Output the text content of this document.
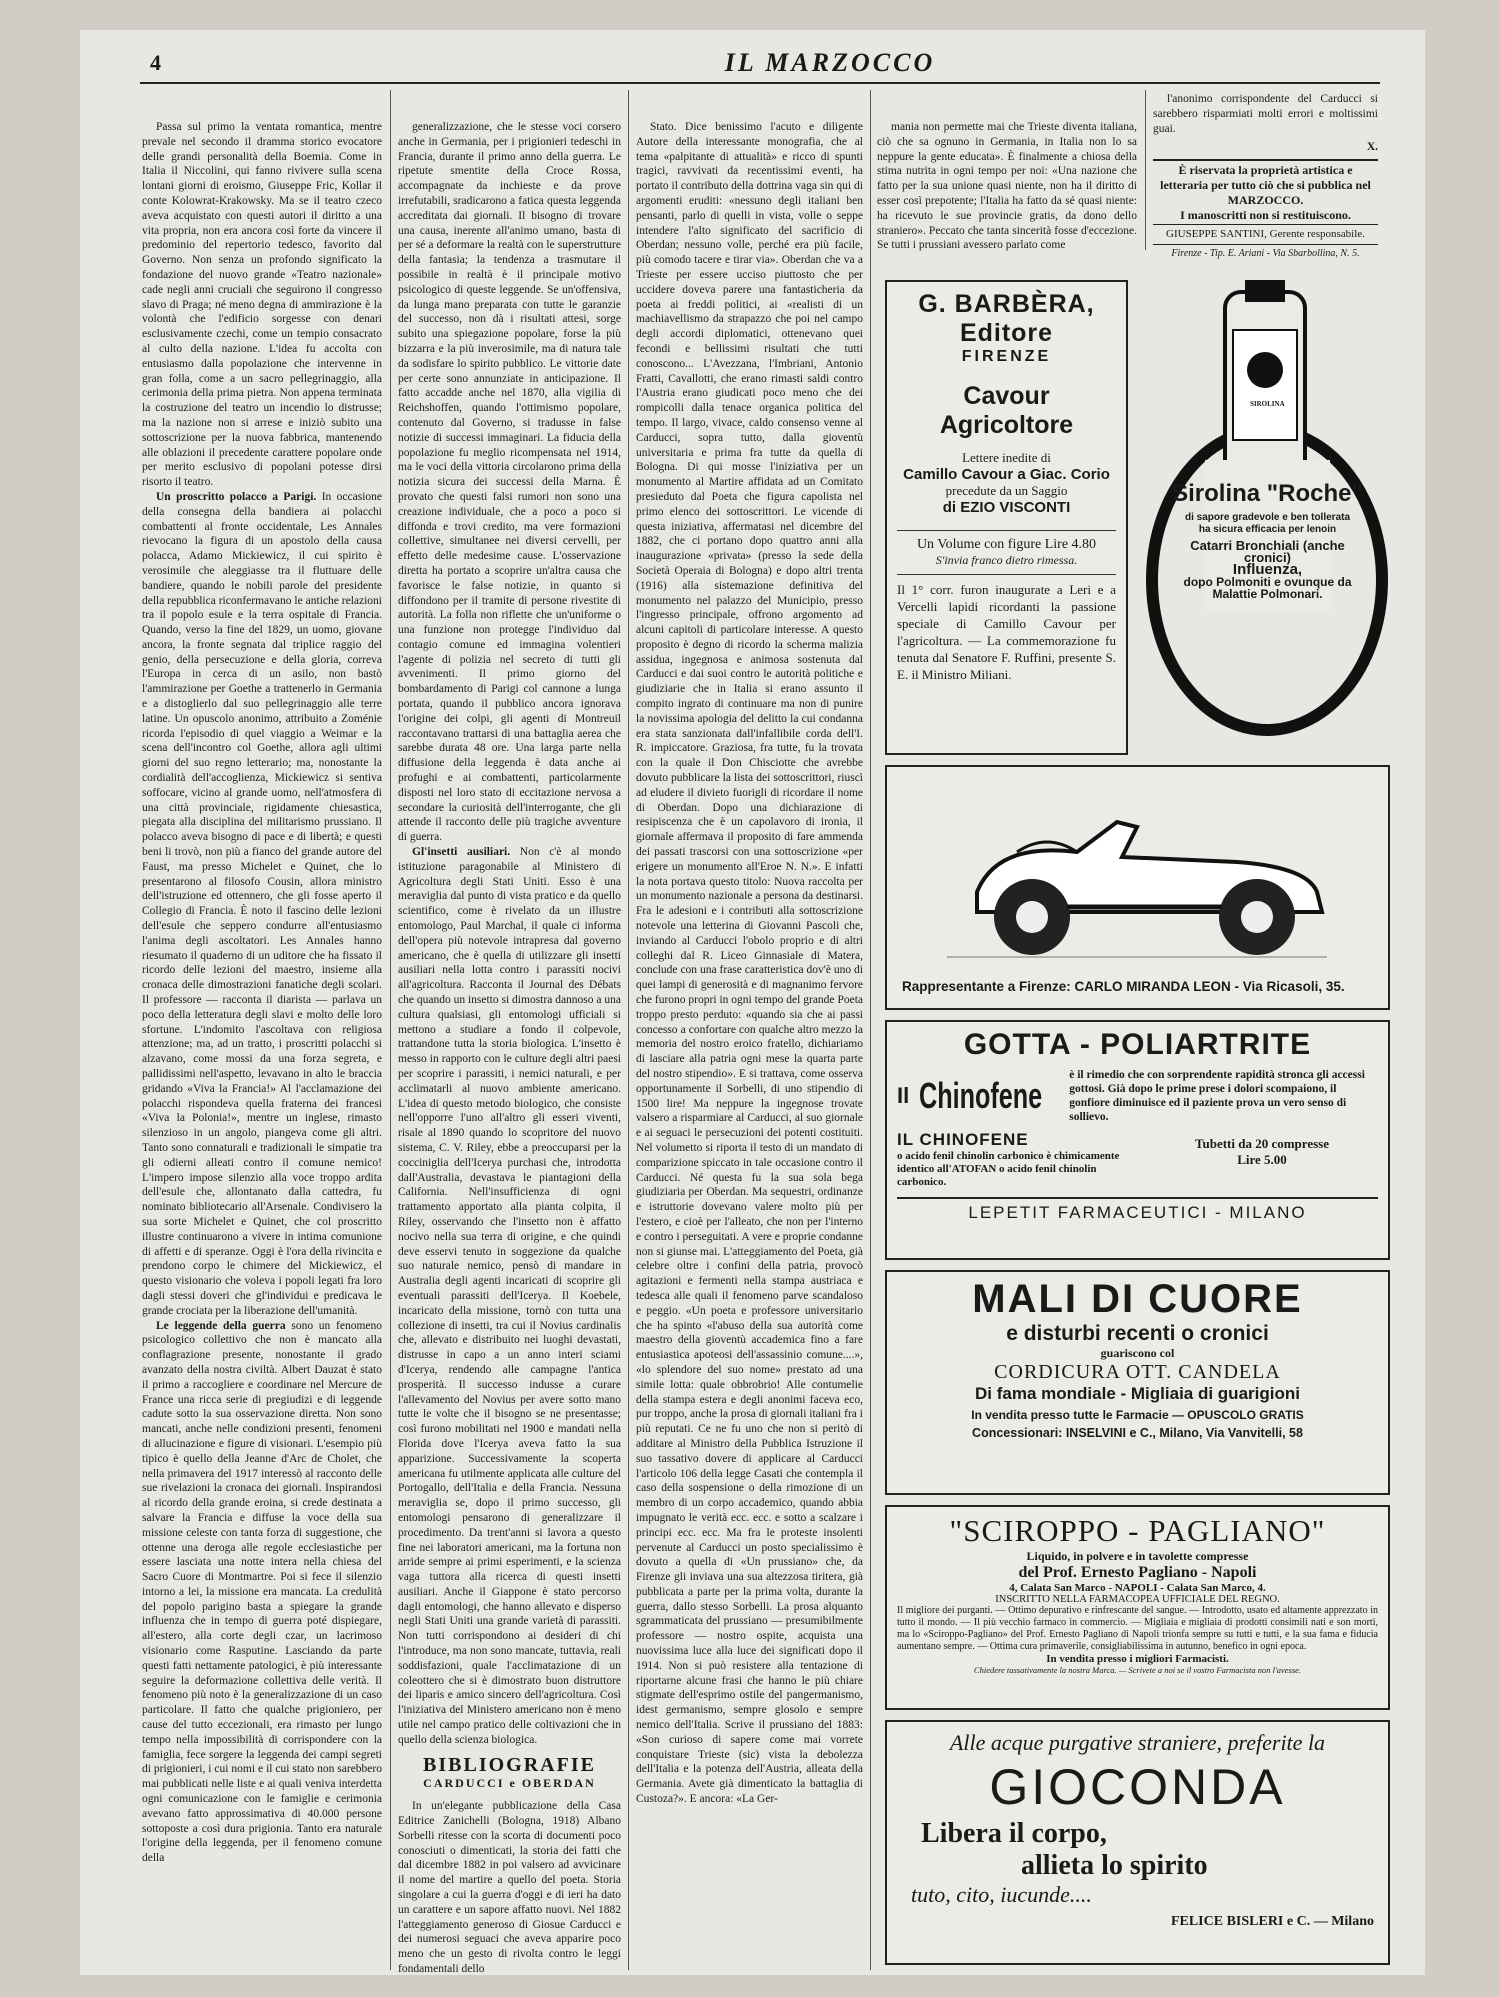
4	IL MARZOCCO

Passa sul primo la ventata romantica, mentre prevale nel secondo il dramma storico evocatore delle grandi personalità della Boemia. Come in Italia il Niccolini, qui fanno rivivere sulla scena lontani giorni di eroismo, Giuseppe Fric, Kollar il conte Kolowrat-Krakowsky. Ma se il teatro czeco aveva acquistato con questi autori il diritto a una vita propria, non era ancora così forte da vincere il predominio del repertorio tedesco, favorito dal Governo. Non senza un profondo significato la fondazione del nuovo grande «Teatro nazionale» cade negli anni cruciali che seguirono il congresso slavo di Praga; né meno degna di ammirazione è la volontà che l'edificio sorgesse con denari esclusivamente czechi, come un tempio consacrato al culto della nazione. L'idea fu accolta con entusiasmo dalla popolazione che intervenne in gran folla, come a un sacro pellegrinaggio, alla cerimonia della prima pietra. Non appena terminata la costruzione del teatro un incendio lo distrusse; ma la nazione non si arrese e iniziò subito una sottoscrizione per la nuova fabbrica, mantenendo alle oblazioni il precedente carattere popolare onde per merito esclusivo di popolani potesse dirsi risorto il teatro.

Un proscritto polacco a Parigi. In occasione della consegna della bandiera ai polacchi combattenti al fronte occidentale, Les Annales rievocano la figura di un apostolo della causa polacca, Adamo Mickiewicz, il cui spirito è verosimile che aleggiasse tra il fluttuare delle bandiere, quando le nobili parole del presidente della repubblica riconfermavano le antiche relazioni tra il popolo esule e la terra ospitale di Francia. Quando, verso la fine del 1829, un uomo, giovane ancora, la fronte segnata dal triplice raggio del genio, della persecuzione e della gloria, correva l'Europa in cerca di un asilo, non bastò l'ammirazione per Goethe a trattenerlo in Germania e a distoglierlo dal suo pellegrinaggio alle terre latine. Un opuscolo anonimo, attribuito a Zoménie ricorda l'episodio di quel viaggio a Weimar e la scena dell'incontro col Goethe, allora agli ultimi giorni del suo regno letterario; ma, nonostante la cordialità dell'accoglienza, Mickiewicz si sentiva soffocare, vicino al grande uomo, nell'atmosfera di una città provinciale, rigidamente chiesastica, piegata alla disciplina del militarismo prussiano. Il polacco aveva bisogno di pace e di libertà; e questi beni li trovò, non più a fianco del grande autore del Faust, ma presso Michelet e Quinet, che lo presentarono al filosofo Cousin, allora ministro dell'istruzione ed ottennero, che gli fosse aperto il Collegio di Francia. È noto il fascino delle lezioni dell'esule che seppero condurre all'entusiasmo l'anima degli ascoltatori. Les Annales hanno riesumato il quaderno di un uditore che ha fissato il ricordo delle lezioni del maestro, insieme alla cronaca delle dimostrazioni fanatiche degli scolari. Il professore — racconta il diarista — parlava un poco della letteratura degli slavi e molto delle loro sfortune. L'indomito l'ascoltava con religiosa attenzione; ma, ad un tratto, i proscritti polacchi si alzavano, come mossi da una forza segreta, e pallidissimi nell'aspetto, levavano in alto le braccia gridando «Viva la Francia!» Al l'acclamazione dei polacchi rispondeva quella fraterna dei francesi «Viva la Polonia!», mentre un inglese, rimasto silenzioso in un angolo, piangeva come gli altri. Tanto sono connaturali e tradizionali le simpatie tra gli odierni alleati contro il comune nemico! L'impero impose silenzio alla voce troppo ardita dell'esule che, allontanato dalla cattedra, fu nominato bibliotecario all'Arsenale. Condivisero la sua sorte Michelet e Quinet, che col proscritto illustre continuarono a vivere in intima comunione di affetti e di speranze. Oggi è l'ora della rivincita e prendono corpo le chimere del Mickiewicz, el questo visionario che voleva i popoli legati fra loro dagli stessi doveri che gl'individui e predicava le grande crociata per la liberazione dell'umanità.

Le leggende della guerra sono un fenomeno psicologico collettivo che non è mancato alla conflagrazione presente, nonostante il grado avanzato della nostra civiltà. Albert Dauzat è stato il primo a raccogliere e coordinare nel Mercure de France una ricca serie di pregiudizi e di leggende cadute sotto la sua osservazione diretta. Non sono mancati, anche nelle condizioni presenti, fenomeni di allucinazione e figure di visionari. L'esempio più tipico è quello della Jeanne d'Arc de Cholet, che nella primavera del 1917 interessò al racconto delle sue rivelazioni la cronaca dei giornali. Inspirandosi al ricordo della grande eroina, si crede destinata a salvare la Francia e diffuse la voce della sua missione celeste con tanta forza di suggestione, che ottenne una deroga alle regole ecclesiastiche per essere lasciata una notte intera nella chiesa del Sacro Cuore di Montmartre. Poi si fece il silenzio intorno a lei, la missione era mancata. La credulità del popolo parigino basta a spiegare la grande influenza che in tempo di guerra poté dispiegare, all'estero, alla corte degli czar, un lacrimoso visionario come Rasputine. Lasciando da parte questi fatti nettamente patologici, è più interessante seguire la deformazione collettiva delle verità. Il fenomeno più noto è la generalizzazione di un caso particolare. Il fatto che qualche prigioniero, per cause del tutto eccezionali, era rimasto per lungo tempo nella impossibilità di corrispondere con la famiglia, fece sorgere la leggenda dei campi segreti di prigionieri, i cui nomi e il cui stato non sarebbero mai pubblicati nelle liste e ai quali veniva interdetta ogni comunicazione con le famiglie e cerimonia avevano fatto approssimativa di 40.000 persone sottoposte a così dura prigionia. Tanto era naturale l'origine della leggenda, per il fenomeno comune della

generalizzazione, che le stesse voci corsero anche in Germania, per i prigionieri tedeschi in Francia, durante il primo anno della guerra. Le ripetute smentite della Croce Rossa, accompagnate da inchieste e da prove irrefutabili, sradicarono a fatica questa leggenda accreditata dai giornali. Il bisogno di trovare una causa, inerente all'animo umano, basta di per sé a deformare la realtà con le superstrutture della fantasia; la tendenza a trasmutare il possibile in realtà è il principale motivo psicologico di queste leggende. Se un'offensiva, da lunga mano preparata con tutte le garanzie del successo, non dà i risultati attesi, sorge subito una spiegazione popolare, forse la più bizzarra e la più inverosimile, ma di natura tale da sodisfare lo spirito pubblico. Le vittorie date per certe sono annunziate in anticipazione. Il fatto accadde anche nel 1870, alla vigilia di Reichshoffen, quando l'ottimismo popolare, contenuto dal Governo, si tradusse in false notizie di successi immaginari. La fiducia della popolazione fu meglio ricompensata nel 1914, ma le voci della vittoria circolarono prima della notizia sicura dei successi della Marna. È provato che questi falsi rumori non sono una creazione individuale, che a poco a poco si diffonda e trovi credito, ma vere formazioni collettive, simultanee nei diversi cervelli, per effetto delle medesime cause. L'osservazione diretta ha portato a scoprire un'altra causa che favorisce le false notizie, in quanto si diffondono per il tramite di persone rivestite di autorità. La folla non riflette che un'uniforme o una funzione non protegge l'individuo dal contagio comune ed immagina volentieri l'agente di polizia nel secreto di tutti gli avvenimenti. Il primo giorno del bombardamento di Parigi col cannone a lunga portata, quando il pubblico ancora ignorava l'origine dei colpi, gli agenti di Montreuil raccontavano trattarsi di una battaglia aerea che sarebbe durata 48 ore. Una larga parte nella diffusione della leggenda è data anche ai profughi e ai combattenti, particolarmente disposti nel loro stato di eccitazione nervosa a secondare la curiosità dell'interrogante, che gli attende il racconto delle più tragiche avventure di guerra.

Gl'insetti ausiliari. Non c'è al mondo istituzione paragonabile al Ministero di Agricoltura degli Stati Uniti. Esso è una meraviglia dal punto di vista pratico e da quello scientifico, come è rivelato da un illustre entomologo, Paul Marchal, il quale ci informa dell'opera più notevole intrapresa dal governo americano, che è quella di utilizzare gli insetti ausiliari nella lotta contro i parassiti nocivi all'agricoltura. Racconta il Journal des Débats che quando un insetto si dimostra dannoso a una cultura qualsiasi, gli entomologi ufficiali si mettono a studiare a fondo il colpevole, trattandone tutta la storia biologica. L'insetto è messo in rapporto con le culture degli altri paesi per scoprire i parassiti, i nemici naturali, e per acclimatarli al nuovo ambiente americano. L'idea di questo metodo biologico, che consiste nell'opporre l'uno all'altro gli esseri viventi, risale al 1890 quando lo scopritore del nuovo sistema, C. V. Riley, ebbe a preoccuparsi per la cocciniglia dell'Icerya purchasi che, introdotta dall'Australia, devastava le piantagioni della California. Nell'insufficienza di ogni trattamento apportato alla pianta colpita, il Riley, osservando che l'insetto non è affatto nocivo nella sua terra di origine, e che quindi deve esservi tenuto in soggezione da qualche suo naturale nemico, pensò di mandare in Australia degli agenti incaricati di scoprire gli eventuali parassiti dell'Icerya. Il Koebele, incaricato della missione, tornò con tutta una collezione di insetti, tra cui il Novius cardinalis che, allevato e distribuito nei luoghi devastati, distrusse in capo a un anno interi sciami d'Icerya, rendendo alle campagne l'antica prosperità. Il successo indusse a curare l'allevamento del Novius per avere sotto mano tutte le volte che il bisogno se ne presentasse; così furono mobilitati nel 1900 e mandati nella Florida dove l'Icerya aveva fatto la sua apparizione. Successivamente la scoperta americana fu utilmente applicata alle culture del Portogallo, dell'Italia e della Francia. Nessuna meraviglia se, dopo il primo successo, gli entomologi pensarono di generalizzare il procedimento. Da trent'anni si lavora a questo fine nei laboratori americani, ma la fortuna non arride sempre ai primi esperimenti, e la scienza vaga tuttora alla ricerca di questi insetti ausiliari. Anche il Giappone è stato percorso dagli entomologi, che hanno allevato e disperso negli Stati Uniti una grande varietà di parassiti. Non tutti corrispondono ai desideri di chi l'introduce, ma non sono mancate, tuttavia, reali soddisfazioni, quale l'acclimatazione di un coleottero che si è dimostrato buon distruttore dei liparis e amico sincero dell'agricoltura. Così l'iniziativa del Ministero americano non è meno utile nel campo pratico delle coltivazioni che in quello della scienza biologica.

BIBLIOGRAFIE
CARDUCCI e OBERDAN

In un'elegante pubblicazione della Casa Editrice Zanichelli (Bologna, 1918) Albano Sorbelli ritesse con la scorta di documenti poco conosciuti o dimenticati, la storia dei fatti che dal dicembre 1882 in poi valsero ad avvicinare il nome del martire a quello del poeta. Storia singolare a cui la guerra d'oggi e di ieri ha dato un carattere e un sapore affatto nuovi. Nel 1882 l'atteggiamento generoso di Giosue Carducci e dei numerosi seguaci che aveva apparire poco meno che un gesto di rivolta contro le leggi fondamentali dello

Stato. Dice benissimo l'acuto e diligente Autore della interessante monografia, che al tema «palpitante di attualità» e ricco di spunti tragici, ravvivati da recentissimi eventi, ha portato il contributo della dottrina vaga sin qui di argomenti eruditi: «nessuno degli italiani ben pensanti, parlo di quelli in vista, volle o seppe intendere l'alto significato del sacrificio di Oberdan; nessuno volle, perché era più facile, più comodo tacere e tirar via». Oberdan che va a Trieste per essere ucciso piuttosto che per uccidere doveva parere una fantasticheria da poeta ai freddi politici, ai «realisti di un machiavellismo da strapazzo che poi nel campo degli accordi diplomatici, ottenevano quei fecondi e bellissimi risultati che tutti conoscono... L'Avezzana, l'Imbriani, Antonio Fratti, Cavallotti, che erano rimasti saldi contro l'Austria erano giudicati poco meno che dei rompicolli dalla tenace organica politica del tempo. Il largo, vivace, caldo consenso venne al Carducci, sopra tutto, dalla gioventù universitaria e prima fra tutte da quella di Bologna. Di qui mosse l'iniziativa per un monumento al Martire affidata ad un Comitato presieduto dal Poeta che figura capolista nel primo elenco dei sottoscrittori. Le vicende di questa iniziativa, affermatasi nel dicembre del 1882, che ci portano dopo quattro anni alla inaugurazione «privata» (presso la sede della Società Operaia di Bologna) e dopo altri trenta (1916) alla sistemazione definitiva del monumento nel palazzo del Municipio, presso l'ingresso principale, offrono argomento ad alcuni capitoli di particolare interesse. A questo proposito è degno di ricordo la scherma malizia assidua, ingegnosa e animosa sostenuta dal Carducci e dai suoi contro le autorità politiche e giudiziarie che in Italia si erano assunto il compito ingrato di continuare ma non di punire la novissima apologia del delitto la cui condanna era stata sanzionata dall'infallibile corda dell'I. R. impiccatore. Graziosa, fra tutte, fu la trovata con la quale il Don Chisciotte che avrebbe dovuto pubblicare la lista dei sottoscrittori, riuscì ad eludere il divieto fuorigli di ricordare il nome di Oberdan. Dopo una dichiarazione di resipiscenza che è un capolavoro di ironia, il giornale affermava il proposito di fare ammenda dei passati trascorsi con una sottoscrizione «per erigere un monumento all'Eroe N. N.». E infatti la nota portava questo titolo: Nuova raccolta per un monumento nazionale a persona da destinarsi. Fra le adesioni e i contributi alla sottoscrizione notevole una letterina di Giovanni Pascoli che, inviando al Carducci l'obolo proprio e di altri colleghi dal R. Liceo Ginnasiale di Matera, conclude con una frase caratteristica dov'è uno di quei lampi di generosità e di magnanimo fervore che furono propri in ogni tempo del grande Poeta troppo presto perduto: «quando sia che ai passi concesso a confortare con qualche altro mezzo la memoria del nostro eroico fratello, dichiariamo di lasciare alla patria ogni mese la quarta parte del nostro stipendio». E si trattava, come osserva opportunamente il Sorbelli, di uno stipendio di 1500 lire! Ma neppure la ingegnose trovate valsero a risparmiare al Carducci, al suo giornale e ai seguaci le persecuzioni dei potenti costituiti. Nel volumetto si riporta il testo di un mandato di comparizione spiccato in tale occasione contro il Carducci. Né questa fu la sua sola bega giudiziaria per Oberdan. Ma sequestri, ordinanze e istruttorie dovevano valere molto più per l'estero, e cioè per l'alleato, che non per l'interno e contro i perseguitati. A vere e proprie condanne non si giunse mai. L'atteggiamento del Poeta, già celebre oltre i confini della patria, provocò agitazioni e fermenti nella stampa austriaca e tedesca alle quali il fenomeno parve scandaloso e peggio. «Un poeta e professore universitario che ha spinto «l'abuso della sua autorità come maestro della gioventù accademica fino a fare entusiastica apoteosi dell'assassinio comune....», «lo splendore del suo nome» prestato ad una simile lotta: quale obbrobrio! Alle contumelie della stampa estera e degli anonimi faceva eco, pur troppo, anche la prosa di giornali italiani fra i più reputati. Ce ne fu uno che non si peritò di additare al Ministro della Pubblica Istruzione il suo tassativo dovere di applicare al Carducci l'articolo 106 della legge Casati che contempla il caso della sospensione o della rimozione di un membro di un corpo accademico, quando abbia impugnato le verità ecc. ecc. e sotto a scalzare i principi ecc. ecc. Ma fra le proteste insolenti pervenute al Carducci un posto specialissimo è dovuto a quella di «Un prussiano» che, da Firenze gli inviava una sua altezzosa tiritera, già pubblicata a parte per la prima volta, durante la guerra, dallo stesso Sorbelli. La prosa alquanto sgrammaticata del prussiano — presumibilmente professore — nostro ospite, acquista una nuovissima luce alla luce dei significati dopo il 1914. Non si può resistere alla tentazione di riportarne alcune frasi che hanno le più chiare stigmate dell'esprimo ostile del pangermanismo, idest germanismo, sempre glosolo e sempre nemico dell'Italia. Scrive il prussiano del 1883: «Son curioso di sapere come mai vorrete conquistare Trieste (sic) vista la debolezza dell'Italia e la potenza dell'Austria, alleata della Germania. Avete già dimenticato la battaglia di Custoza?». E ancora: «La Ger-

mania non permette mai che Trieste diventa italiana, ciò che sa ognuno in Germania, in Italia non lo sa neppure la gente educata». È finalmente a chiosa della stima nutrita in ogni tempo per noi: «Una nazione che fatto per la sua unione quasi niente, non ha il diritto di esser così prepotente; l'Italia ha fatto da sé quasi niente: ha ricevuto le sue provincie gratis, da dono dello straniero». Peccato che tanta sincerità fosse d'eccezione. Se tutti i prussiani avessero parlato come

l'anonimo corrispondente del Carducci si sarebbero risparmiati molti errori e moltissimi guai.

X.
È riservata la proprietà artistica e letteraria per tutto ciò che si pubblica nel MARZOCCO.
I manoscritti non si restituiscono.
GIUSEPPE SANTINI, Gerente responsabile.
Firenze - Tip. E. Ariani - Via Sbarbollina, N. 5.
G. BARBÈRA, Editore
FIRENZE
Cavour Agricoltore
Lettere inedite di
Camillo Cavour a Giac. Corio
precedute da un Saggio
di EZIO VISCONTI
Un Volume con figure Lire 4.80
S'invia franco dietro rimessa.
Il 1° corr. furon inaugurate a Leri e a Vercelli lapidi ricordanti la passione speciale di Camillo Cavour per l'agricoltura. — La commemorazione fu tenuta dal Senatore F. Ruffini, presente S. E. il Ministro Miliani.
SIROLINA
Sirolina "Roche"
di sapore gradevole e ben tollerata
ha sicura efficacia per lenoin
Catarri Bronchiali (anche cronici)
Influenza,
dopo Polmoniti e ovunque da
Malattie Polmonari.
Rappresentante a Firenze: CARLO MIRANDA LEON - Via Ricasoli, 35.
GOTTA - POLIARTRITE
Il Chinofene è il rimedio che con sorprendente rapidità stronca gli accessi gottosi. Già dopo le prime prese i dolori scompaiono, il gonfiore diminuisce ed il paziente prova un vero senso di sollievo.
IL CHINOFENE
o acido fenil chinolin carbonico è chimicamente identico all'ATOFAN o acido fenil chinolin carbonico.
Tubetti da 20 compresse
Lire 5.00
LEPETIT FARMACEUTICI - MILANO
MALI DI CUORE
e disturbi recenti o cronici
guariscono col
CORDICURA OTT. CANDELA
Di fama mondiale - Migliaia di guarigioni
In vendita presso tutte le Farmacie — OPUSCOLO GRATIS
Concessionari: INSELVINI e C., Milano, Via Vanvitelli, 58
"SCIROPPO - PAGLIANO"
Liquido, in polvere e in tavolette compresse
del Prof. Ernesto Pagliano - Napoli
4, Calata San Marco - NAPOLI - Calata San Marco, 4.
INSCRITTO NELLA FARMACOPEA UFFICIALE DEL REGNO.
Il migliore dei purganti. — Ottimo depurativo e rinfrescante del sangue. — Introdotto, usato ed altamente apprezzato in tutto il mondo. — Il più vecchio farmaco in commercio. — Migliaia e migliaia di prodotti consimili nati e son morti, ma lo «Sciroppo-Pagliano» del Prof. Ernesto Pagliano di Napoli trionfa sempre su tutti e tutti, e la sua fama e fiducia aumentano sempre. — Ottima cura primaverile, consigliabilissima in autunno, benefico in ogni epoca.
In vendita presso i migliori Farmacisti.
Chiedere tassativamente la nostra Marca. — Scrivete a noi se il vostro Farmacista non l'avesse.
Alle acque purgative straniere, preferite la
GIOCONDA
Libera il corpo,
allieta lo spirito
tuto, cito, iucunde....
FELICE BISLERI e C. — Milano
